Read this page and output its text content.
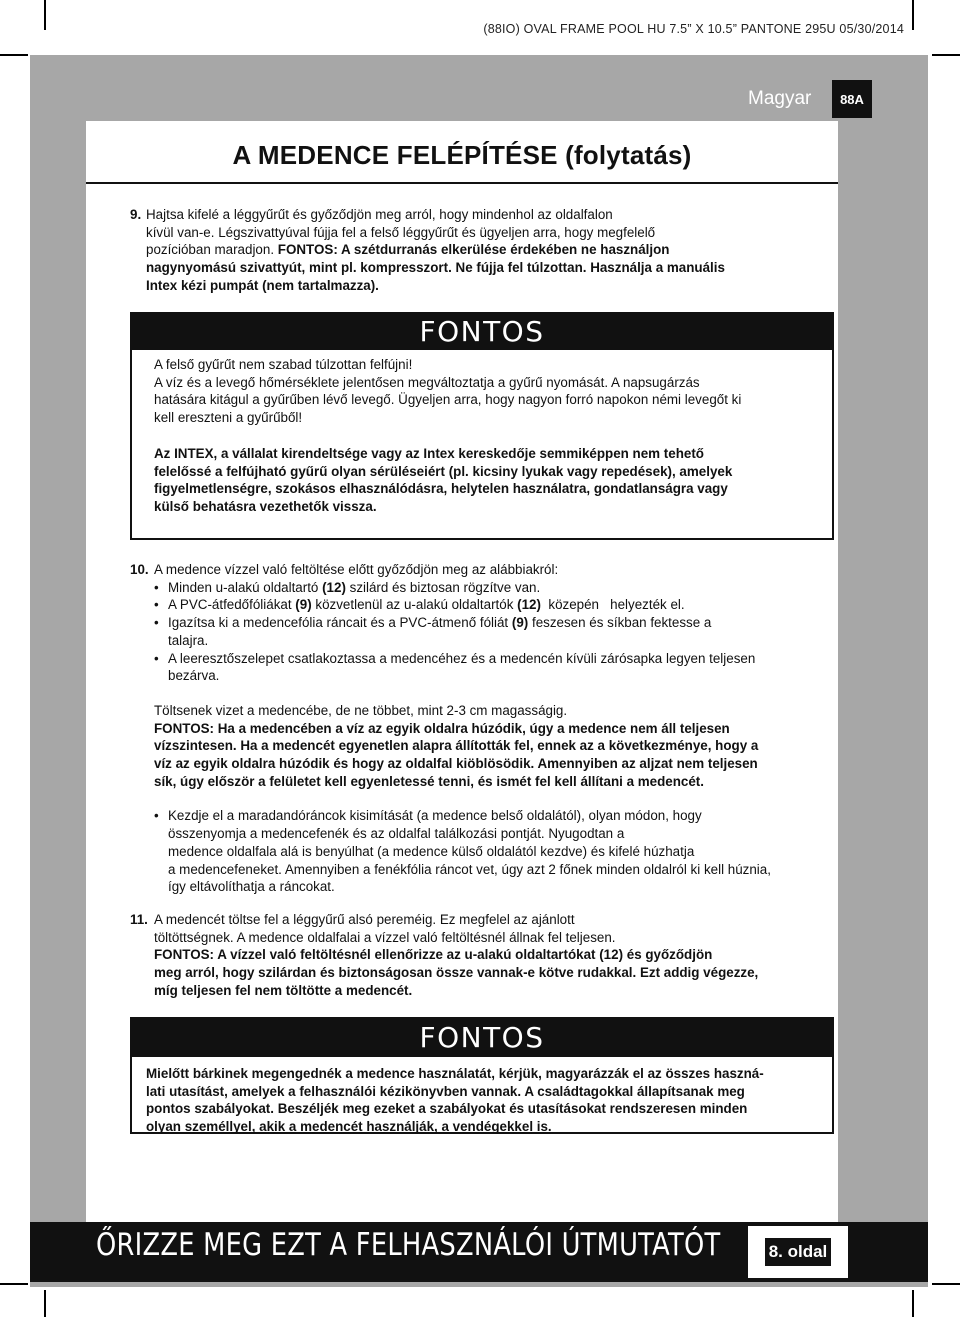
(88IO) OVAL FRAME POOL HU 7.5” X 10.5” PANTONE 295U 05/30/2014
Magyar	88A
A MEDENCE FELÉPÍTÉSE (folytatás)
9. Hajtsa kifelé a léggyűrűt és győződjön meg arról, hogy mindenhol az oldalfalon

kívül van-e. Légszivattyúval fújja fel a felső léggyűrűt és ügyeljen arra, hogy megfelelő

pozícióban maradjon. FONTOS: A szétdurranás elkerülése érdekében ne használjon

nagynyomású szivattyút, mint pl. kompresszort. Ne fújja fel túlzottan. Használja a manuális

Intex kézi pumpát (nem tartalmazza).

FONTOS

A felső gyűrűt nem szabad túlzottan felfújni!

A víz és a levegő hőmérséklete jelentősen megváltoztatja a gyűrű nyomását. A napsugárzás

hatására kitágul a gyűrűben lévő levegő. Ügyeljen arra, hogy nagyon forró napokon némi levegőt ki

kell ereszteni a gyűrűből!

Az INTEX, a vállalat kirendeltsége vagy az Intex kereskedője semmiképpen nem tehető

felelőssé a felfújható gyűrű olyan sérüléseiért (pl. kicsiny lyukak vagy repedések), amelyek

figyelmetlenségre, szokásos elhasználódásra, helytelen használatra, gondatlanságra vagy

külső behatásra vezethetők vissza.

10. A medence vízzel való feltöltése előtt győződjön meg az alábbiakról:

• Minden u-alakú oldaltartó (12) szilárd és biztosan rögzítve van.

• A PVC-átfedőfóliákat (9) közvetlenül az u-alakú oldaltartók (12)  közepén   helyezték el.

• Igazítsa ki a medencefólia ráncait és a PVC-átmenő fóliát (9) feszesen és síkban fektesse a

talajra.

• A leeresztőszelepet csatlakoztassa a medencéhez és a medencén kívüli zárósapka legyen teljesen

bezárva.

Töltsenek vizet a medencébe, de ne többet, mint 2-3 cm magasságig.

FONTOS: Ha a medencében a víz az egyik oldalra húzódik, úgy a medence nem áll teljesen

vízszintesen. Ha a medencét egyenetlen alapra állították fel, ennek az a következménye, hogy a

víz az egyik oldalra húzódik és hogy az oldalfal kiöblösödik. Amennyiben az aljzat nem teljesen

sík, úgy először a felületet kell egyenletessé tenni, és ismét fel kell állítani a medencét.

• Kezdje el a maradandóráncok kisimítását (a medence belső oldalától), olyan módon, hogy

összenyomja a medencefenék és az oldalfal találkozási pontját. Nyugodtan a

medence oldalfala alá is benyúlhat (a medence külső oldalától kezdve) és kifelé húzhatja

a medencefeneket. Amennyiben a fenékfólia ráncot vet, úgy azt 2 főnek minden oldalról ki kell húznia,

így eltávolíthatja a ráncokat.

11. A medencét töltse fel a léggyűrű alsó pereméig. Ez megfelel az ajánlott

töltöttségnek. A medence oldalfalai a vízzel való feltöltésnél állnak fel teljesen.

FONTOS: A vízzel való feltöltésnél ellenőrizze az u-alakú oldaltartókat (12) és győződjön

meg arról, hogy szilárdan és biztonságosan össze vannak-e kötve rudakkal. Ezt addig végezze,

míg teljesen fel nem töltötte a medencét.

FONTOS

Mielőtt bárkinek megengednék a medence használatát, kérjük, magyarázzák el az összes haszná-

lati utasítást, amelyek a felhasználói kézikönyvben vannak. A családtagokkal állapítsanak meg

pontos szabályokat. Beszéljék meg ezeket a szabályokat és utasításokat rendszeresen minden

olyan személlyel, akik a medencét használják, a vendégekkel is.

ŐRIZZE MEG EZT A FELHASZNÁLÓI ÚTMUTATÓT	8. oldal
